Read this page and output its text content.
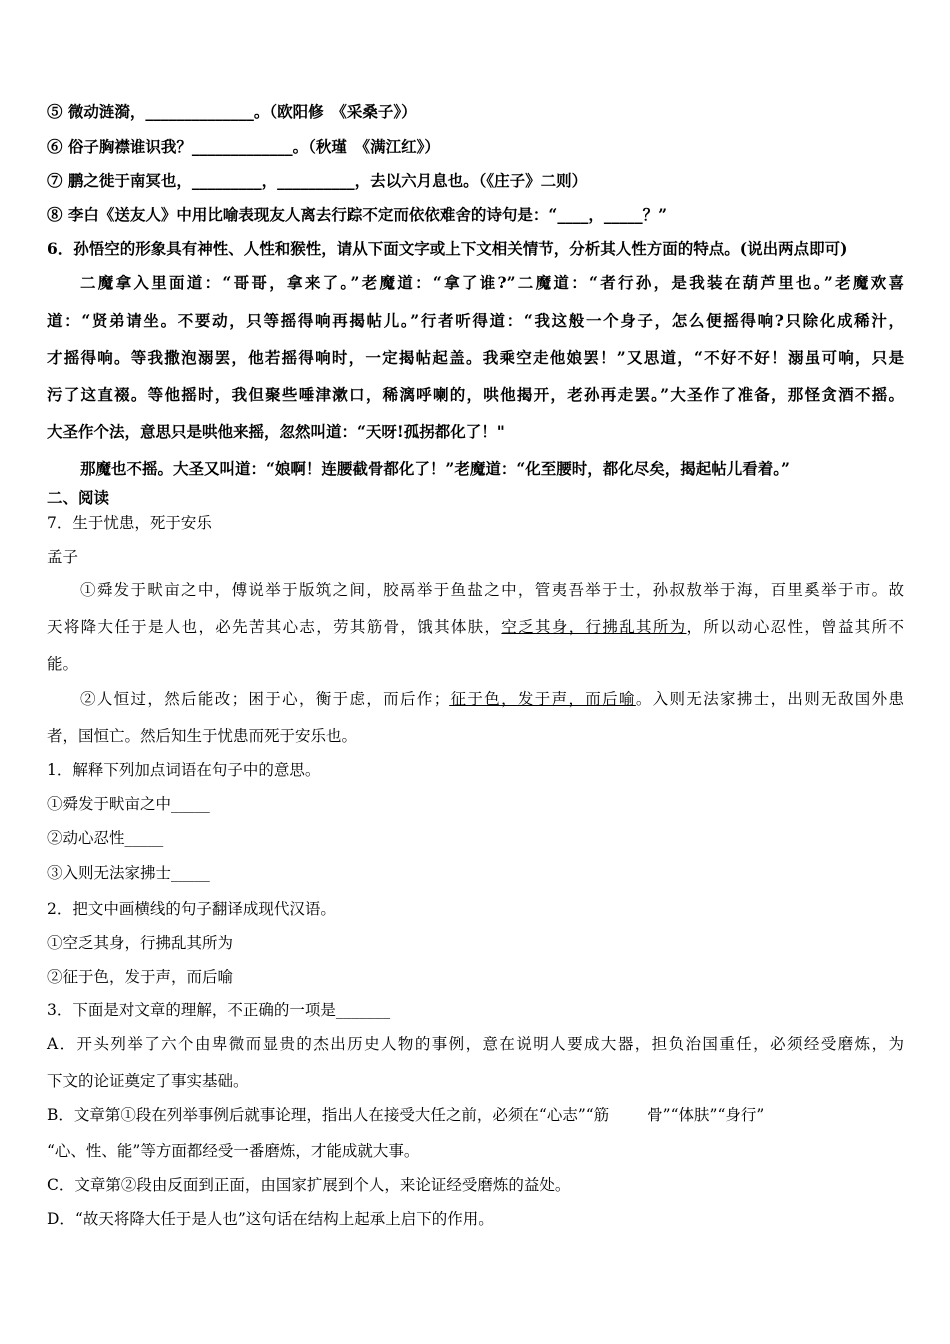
⑤ 微动涟漪，______________。（欧阳修　《采桑子》）
⑥ 俗子胸襟谁识我？_____________。（秋瑾　《满江红》）
⑦ 鹏之徙于南冥也，_________，__________，去以六月息也。（《庄子》二则）
⑧ 李白《送友人》中用比喻表现友人离去行踪不定而依依难舍的诗句是：“____，_____？”
6．孙悟空的形象具有神性、人性和猴性，请从下面文字或上下文相关情节，分析其人性方面的特点。(说出两点即可)
二魔拿入里面道：“哥哥，拿来了。”老魔道：“拿了谁?”二魔道：“者行孙，是我装在葫芦里也。”老魔欢喜
道：“贤弟请坐。不要动，只等摇得响再揭帖儿。”行者听得道：“我这般一个身子，怎么便摇得响?只除化成稀汁，
才摇得响。等我撒泡溺罢，他若摇得响时，一定揭帖起盖。我乘空走他娘罢！”又思道，“不好不好！溺虽可响，只是
污了这直裰。等他摇时，我但聚些唾津漱口，稀漓呼喇的，哄他揭开，老孙再走罢。”大圣作了准备，那怪贪酒不摇。
大圣作个法，意思只是哄他来摇，忽然叫道：“天呀!孤拐都化了！"
那魔也不摇。大圣又叫道：“娘啊！连腰截骨都化了！”老魔道：“化至腰时，都化尽矣，揭起帖儿看着。”
二、阅读
7．生于忧患，死于安乐
孟子
①舜发于畎亩之中，傅说举于版筑之间，胶鬲举于鱼盐之中，管夷吾举于士，孙叔敖举于海，百里奚举于市。故
天将降大任于是人也，必先苦其心志，劳其筋骨，饿其体肤，空乏其身，行拂乱其所为，所以动心忍性，曾益其所不
能。
②人恒过，然后能改；困于心，衡于虑，而后作；征于色，发于声，而后喻。入则无法家拂士，出则无敌国外患
者，国恒亡。然后知生于忧患而死于安乐也。
1．解释下列加点词语在句子中的意思。
①舜发于畎亩之中_____
②动心忍性_____
③入则无法家拂士_____
2．把文中画横线的句子翻译成现代汉语。
①空乏其身，行拂乱其所为
②征于色，发于声，而后喻
3．下面是对文章的理解，不正确的一项是_______
A．开头列举了六个由卑微而显贵的杰出历史人物的事例，意在说明人要成大器，担负治国重任，必须经受磨炼，为
下文的论证奠定了事实基础。
B．文章第①段在列举事例后就事论理，指出人在接受大任之前，必须在“心志”“筋 骨”“体肤”“身行”
“心、性、能”等方面都经受一番磨炼，才能成就大事。
C．文章第②段由反面到正面，由国家扩展到个人，来论证经受磨炼的益处。
D．“故天将降大任于是人也”这句话在结构上起承上启下的作用。
